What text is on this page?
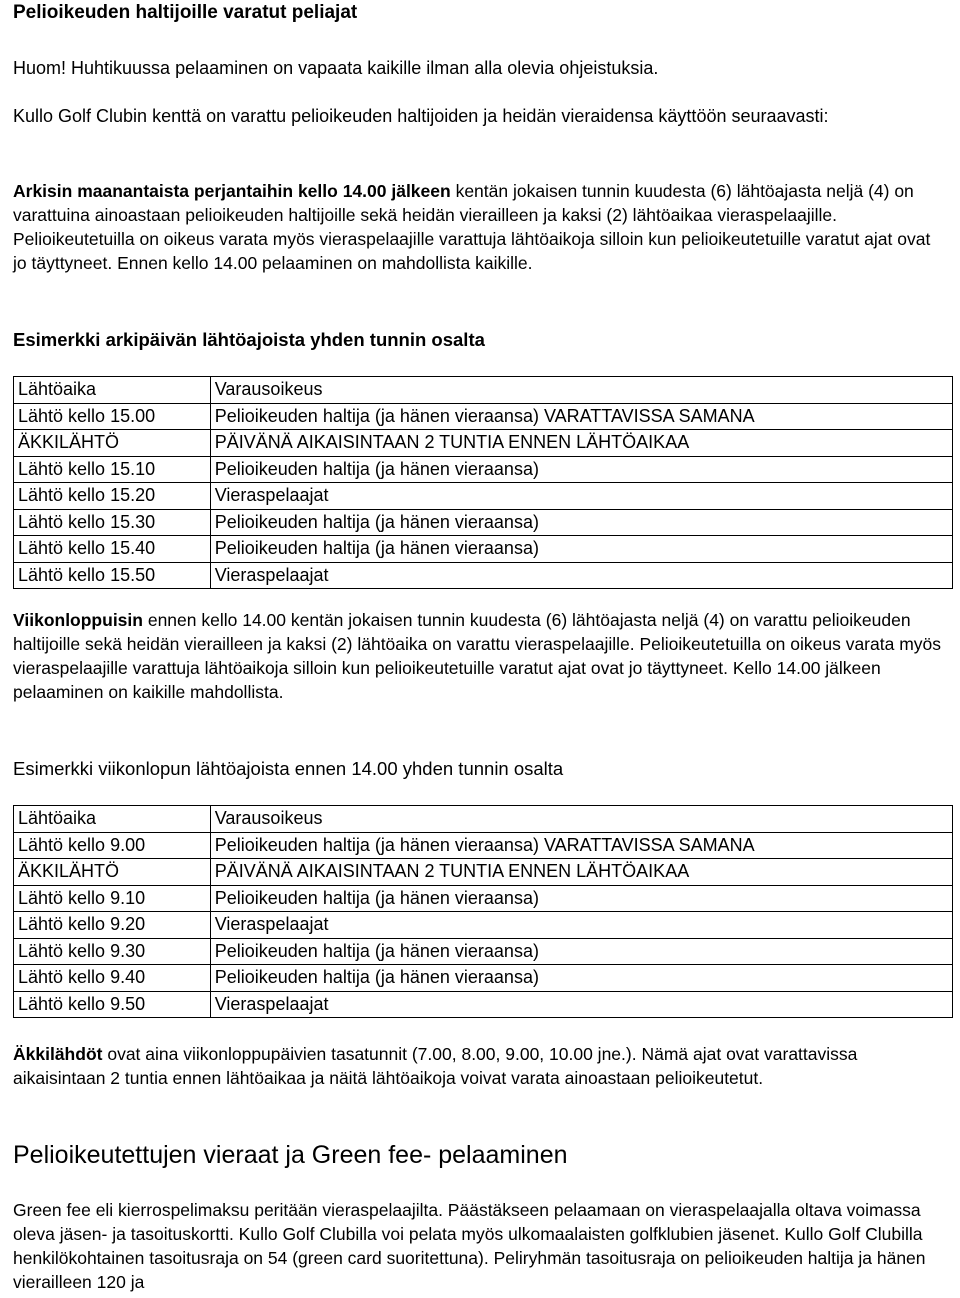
Pelioikeuden haltijoille varatut peliajat

Huom! Huhtikuussa pelaaminen on vapaata kaikille ilman alla olevia ohjeistuksia.

Kullo Golf Clubin kenttä on varattu pelioikeuden haltijoiden ja heidän vieraidensa käyttöön seuraavasti:

Arkisin maanantaista perjantaihin kello 14.00 jälkeen kentän jokaisen tunnin kuudesta (6) lähtöajasta neljä (4) on varattuina ainoastaan pelioikeuden haltijoille sekä heidän vierailleen ja kaksi (2) lähtöaikaa vieraspelaajille. Pelioikeutetuilla on oikeus varata myös vieraspelaajille varattuja lähtöaikoja silloin kun pelioikeutetuille varatut ajat ovat jo täyttyneet. Ennen kello 14.00 pelaaminen on mahdollista kaikille.

Esimerkki arkipäivän lähtöajoista yhden tunnin osalta
Lähtöaika	Varausoikeus
Lähtö kello 15.00	Pelioikeuden haltija (ja hänen vieraansa) VARATTAVISSA SAMANA
ÄKKILÄHTÖ	PÄIVÄNÄ AIKAISINTAAN 2 TUNTIA ENNEN LÄHTÖAIKAA
Lähtö kello 15.10	Pelioikeuden haltija (ja hänen vieraansa)
Lähtö kello 15.20	Vieraspelaajat
Lähtö kello 15.30	Pelioikeuden haltija (ja hänen vieraansa)
Lähtö kello 15.40	Pelioikeuden haltija (ja hänen vieraansa)
Lähtö kello 15.50	Vieraspelaajat

Viikonloppuisin ennen kello 14.00 kentän jokaisen tunnin kuudesta (6) lähtöajasta neljä (4) on varattu pelioikeuden haltijoille sekä heidän vierailleen ja kaksi (2) lähtöaika on varattu vieraspelaajille. Pelioikeutetuilla on oikeus varata myös vieraspelaajille varattuja lähtöaikoja silloin kun pelioikeutetuille varatut ajat ovat jo täyttyneet. Kello 14.00 jälkeen pelaaminen on kaikille mahdollista.

Esimerkki viikonlopun lähtöajoista ennen 14.00 yhden tunnin osalta
Lähtöaika	Varausoikeus
Lähtö kello 9.00	Pelioikeuden haltija (ja hänen vieraansa) VARATTAVISSA SAMANA
ÄKKILÄHTÖ	PÄIVÄNÄ AIKAISINTAAN 2 TUNTIA ENNEN LÄHTÖAIKAA
Lähtö kello 9.10	Pelioikeuden haltija (ja hänen vieraansa)
Lähtö kello 9.20	Vieraspelaajat
Lähtö kello 9.30	Pelioikeuden haltija (ja hänen vieraansa)
Lähtö kello 9.40	Pelioikeuden haltija (ja hänen vieraansa)
Lähtö kello 9.50	Vieraspelaajat

Äkkilähdöt ovat aina viikonloppupäivien tasatunnit (7.00, 8.00, 9.00, 10.00 jne.). Nämä ajat ovat varattavissa aikaisintaan 2 tuntia ennen lähtöaikaa ja näitä lähtöaikoja voivat varata ainoastaan pelioikeutetut.

Pelioikeutettujen vieraat ja Green fee- pelaaminen

Green fee eli kierrospelimaksu peritään vieraspelaajilta. Päästäkseen pelaamaan on vieraspelaajalla oltava voimassa oleva jäsen- ja tasoituskortti. Kullo Golf Clubilla voi pelata myös ulkomaalaisten golfklubien jäsenet. Kullo Golf Clubilla henkilökohtainen tasoitusraja on 54 (green card suoritettuna). Peliryhmän tasoitusraja on pelioikeuden haltija ja hänen vierailleen 120 ja
